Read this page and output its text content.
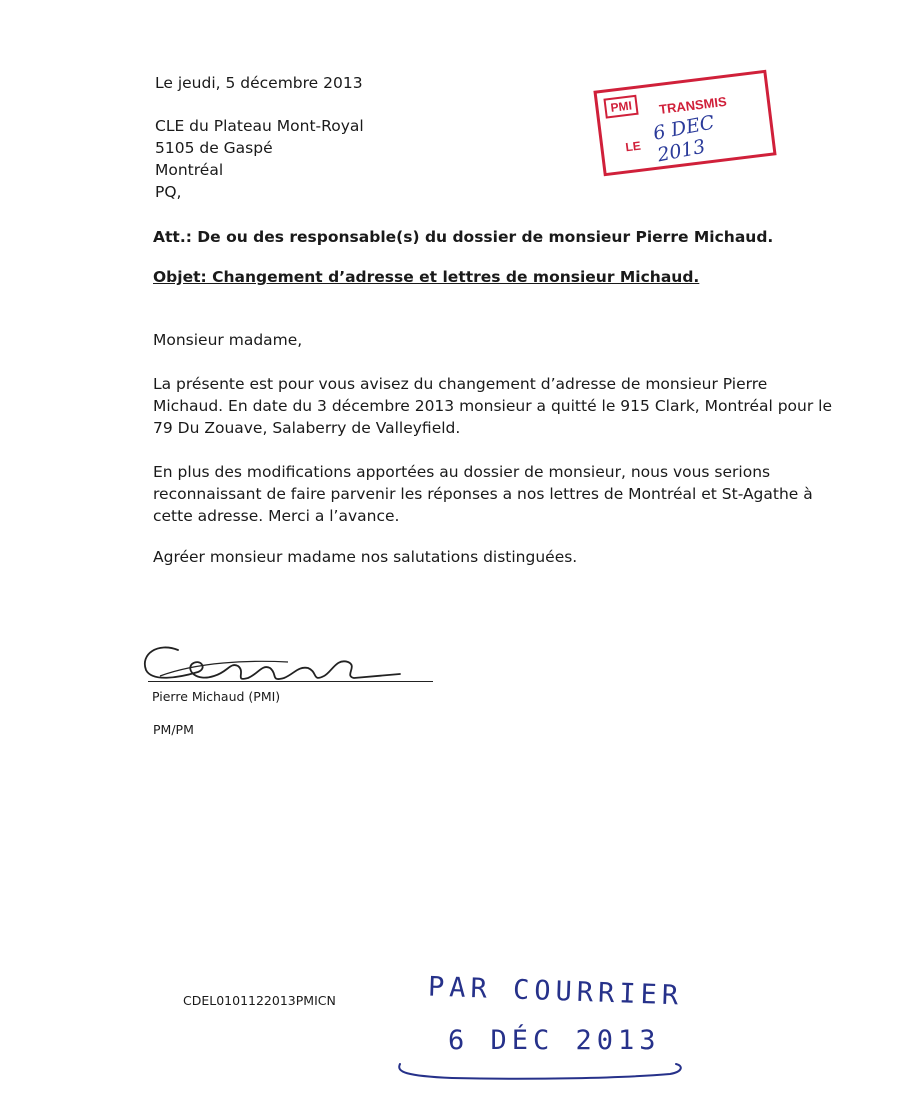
Le jeudi, 5 décembre 2013
CLE du Plateau Mont-Royal
5105 de Gaspé
Montréal
PQ,
Att.: De ou des responsable(s) du dossier de monsieur Pierre Michaud.
Objet: Changement d’adresse et lettres de monsieur Michaud.
Monsieur madame,
La présente est pour vous avisez du changement d’adresse de monsieur Pierre
Michaud. En date du 3 décembre 2013 monsieur a quitté le 915 Clark, Montréal pour le
79 Du Zouave, Salaberry de Valleyfield.
En plus des modifications apportées au dossier de monsieur, nous vous serions
reconnaissant de faire parvenir les réponses a nos lettres de Montréal et St-Agathe à
cette adresse. Merci a l’avance.
Agréer monsieur madame nos salutations distinguées.
Pierre Michaud (PMI)
PM/PM
CDEL0101122013PMICN
PMI	TRANSMIS
LE
6 DEC 2013
PAR COURRIER
6 DÉC 2013
